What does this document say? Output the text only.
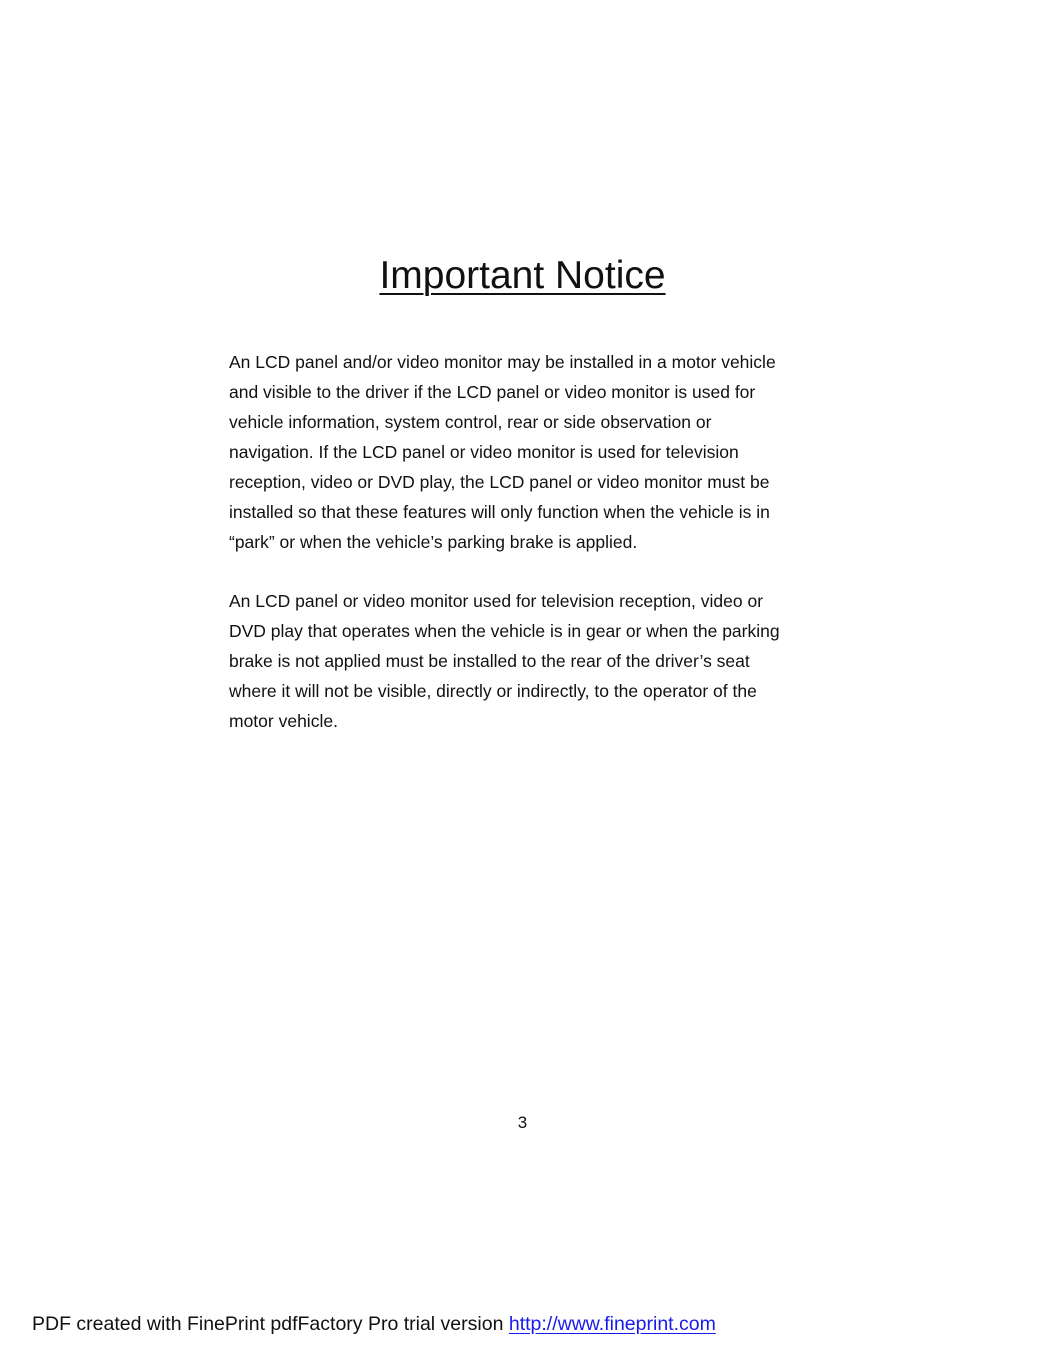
Important Notice

An LCD panel and/or video monitor may be installed in a motor vehicle
and visible to the driver if the LCD panel or video monitor is used for
vehicle information, system control, rear or side observation or
navigation. If the LCD panel or video monitor is used for television
reception, video or DVD play, the LCD panel or video monitor must be
installed so that these features will only function when the vehicle is in
“park” or when the vehicle’s parking brake is applied.

An LCD panel or video monitor used for television reception, video or
DVD play that operates when the vehicle is in gear or when the parking
brake is not applied must be installed to the rear of the driver’s seat
where it will not be visible, directly or indirectly, to the operator of the
motor vehicle.

3
PDF created with FinePrint pdfFactory Pro trial version http://www.fineprint.com
